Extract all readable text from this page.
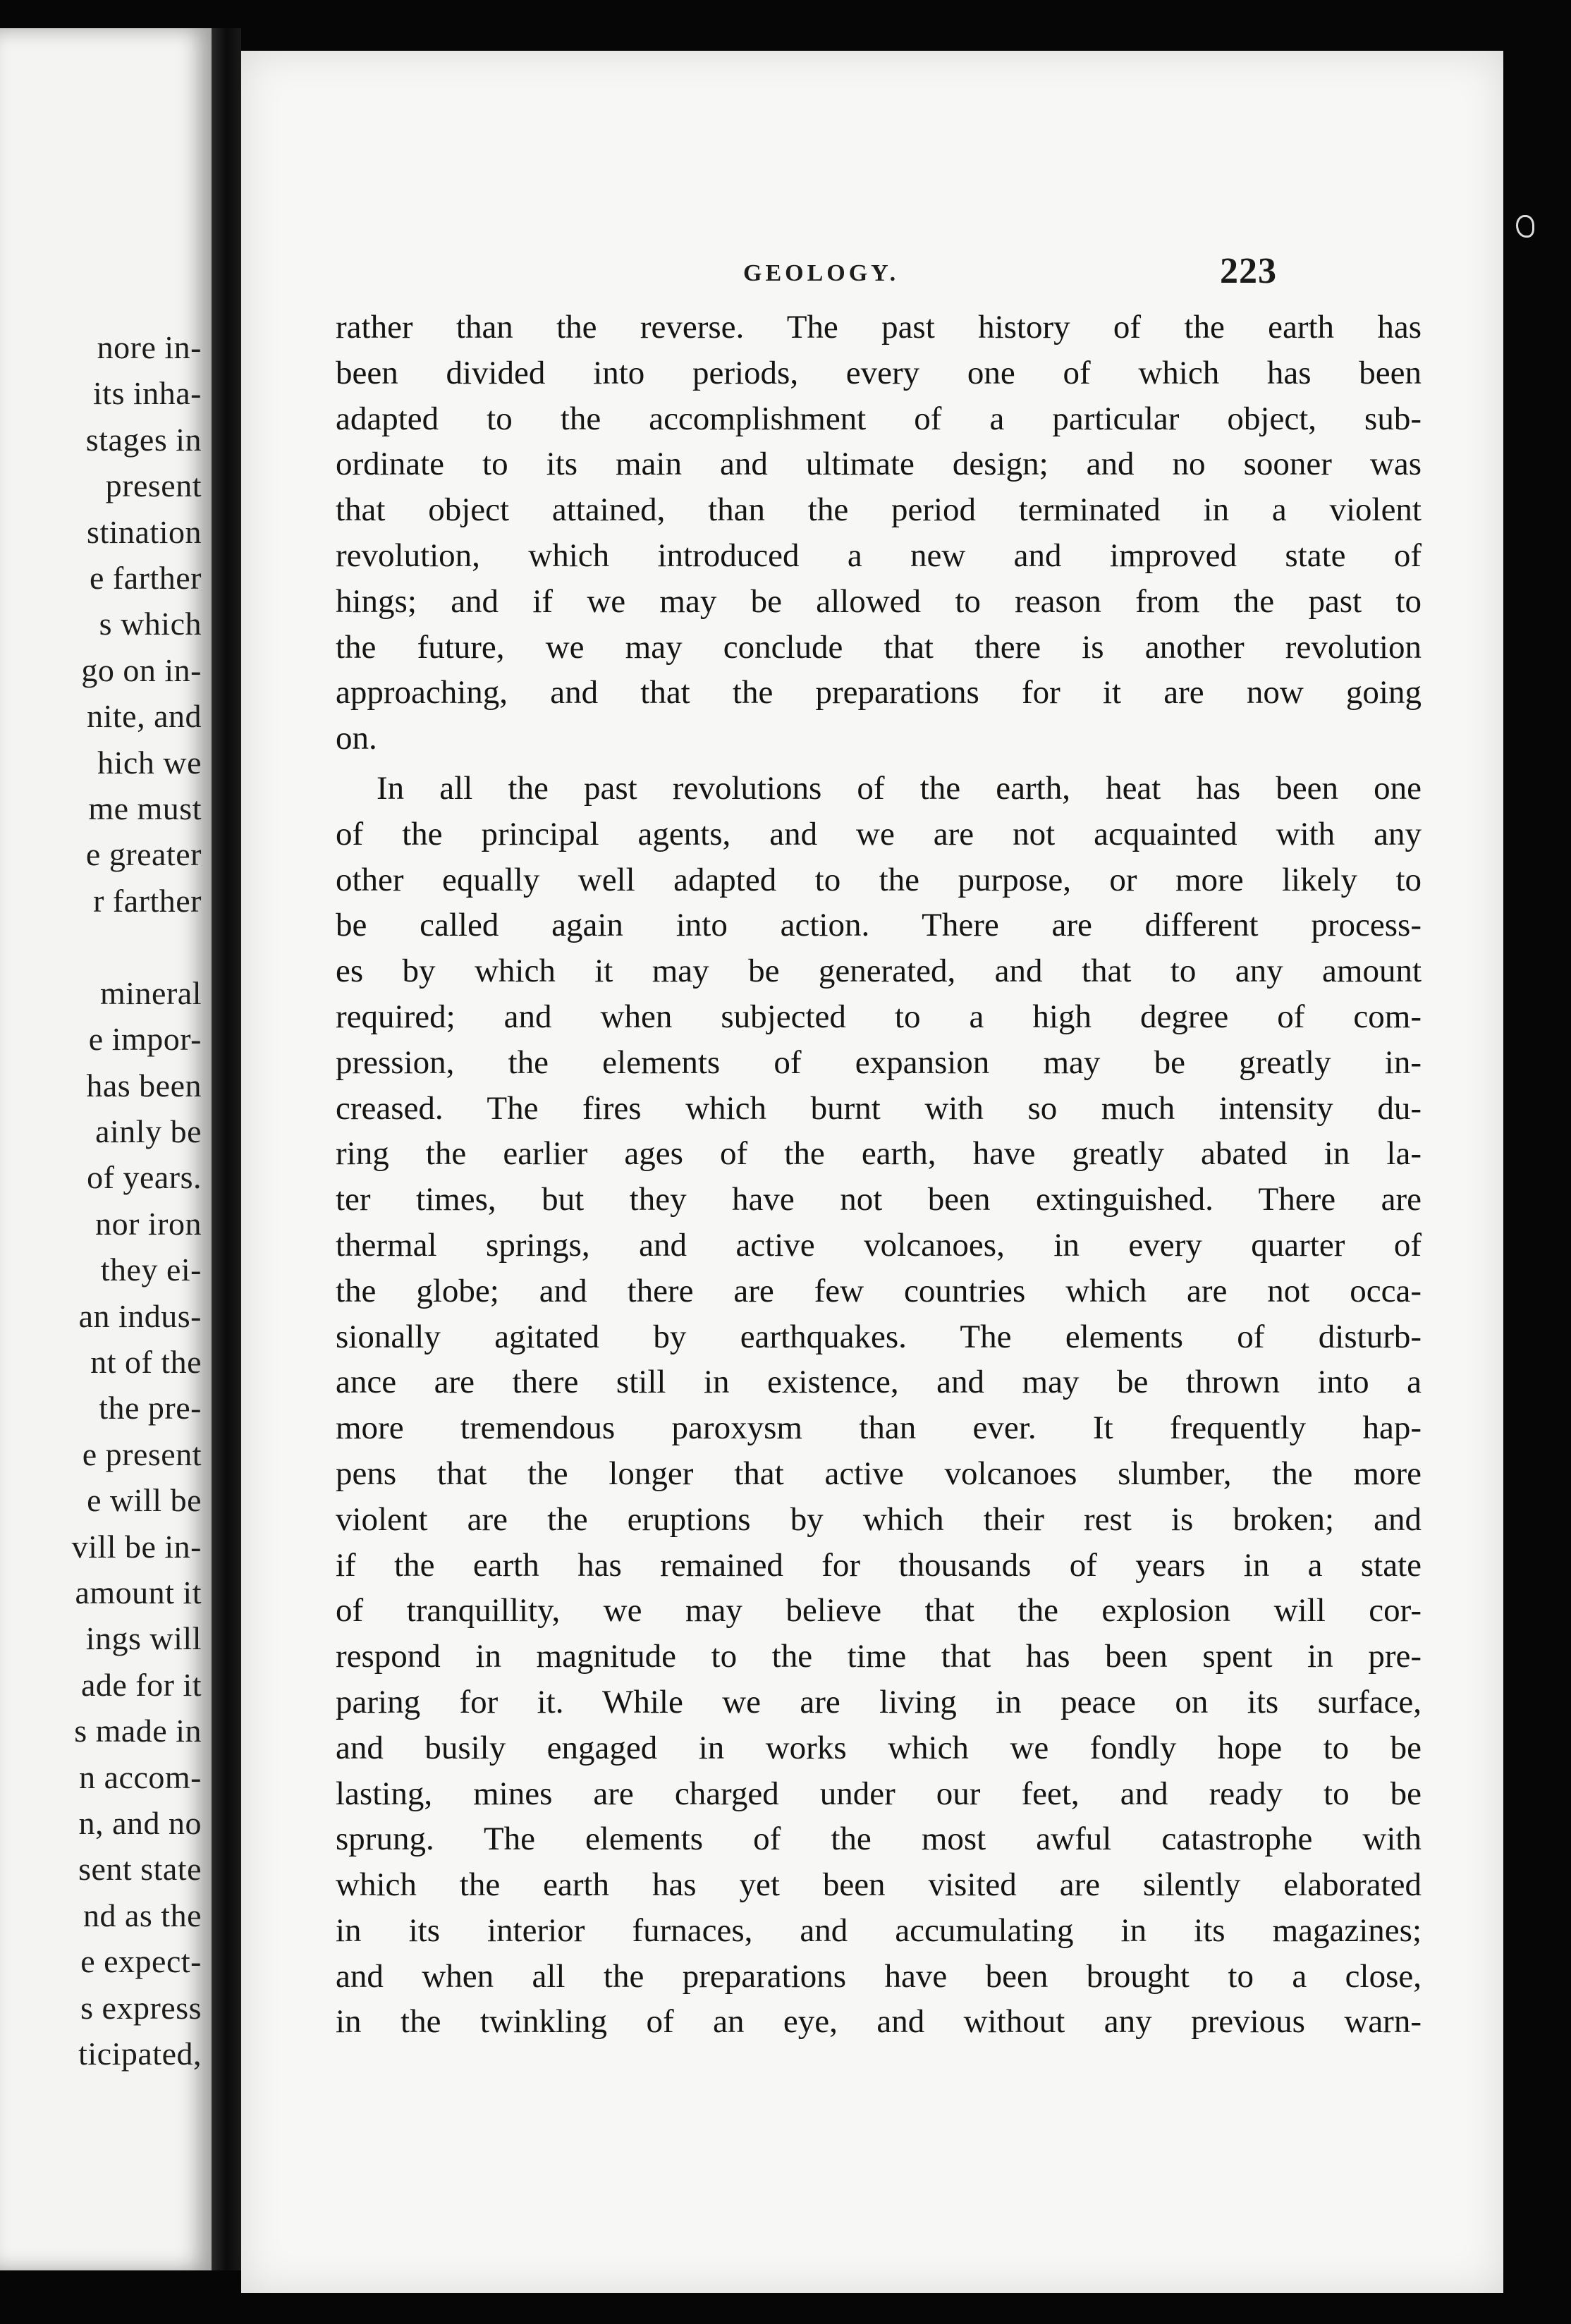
nore in-
its inha-
stages in
present
stination
e farther
s which
go on in-
nite, and
hich we
me must
e greater
r farther

mineral
e impor-
has been
ainly be
of years.
nor iron
they ei-
an indus-
nt of the
the pre-
e present
e will be
vill be in-
amount it
ings will
ade for it
s made in
n accom-
n, and no
sent state
nd as the
e expect-
s express
ticipated,
GEOLOGY.	223
rather than the reverse. The past history of the earth has
been divided into periods, every one of which has been
adapted to the accomplishment of a particular object, sub-
ordinate to its main and ultimate design; and no sooner was
that object attained, than the period terminated in a violent
revolution, which introduced a new and improved state of
hings; and if we may be allowed to reason from the past to
the future, we may conclude that there is another revolution
approaching, and that the preparations for it are now going
on.
In all the past revolutions of the earth, heat has been one
of the principal agents, and we are not acquainted with any
other equally well adapted to the purpose, or more likely to
be called again into action. There are different process-
es by which it may be generated, and that to any amount
required; and when subjected to a high degree of com-
pression, the elements of expansion may be greatly in-
creased. The fires which burnt with so much intensity du-
ring the earlier ages of the earth, have greatly abated in la-
ter times, but they have not been extinguished. There are
thermal springs, and active volcanoes, in every quarter of
the globe; and there are few countries which are not occa-
sionally agitated by earthquakes. The elements of disturb-
ance are there still in existence, and may be thrown into a
more tremendous paroxysm than ever. It frequently hap-
pens that the longer that active volcanoes slumber, the more
violent are the eruptions by which their rest is broken; and
if the earth has remained for thousands of years in a state
of tranquillity, we may believe that the explosion will cor-
respond in magnitude to the time that has been spent in pre-
paring for it. While we are living in peace on its surface,
and busily engaged in works which we fondly hope to be
lasting, mines are charged under our feet, and ready to be
sprung. The elements of the most awful catastrophe with
which the earth has yet been visited are silently elaborated
in its interior furnaces, and accumulating in its magazines;
and when all the preparations have been brought to a close,
in the twinkling of an eye, and without any previous warn-
